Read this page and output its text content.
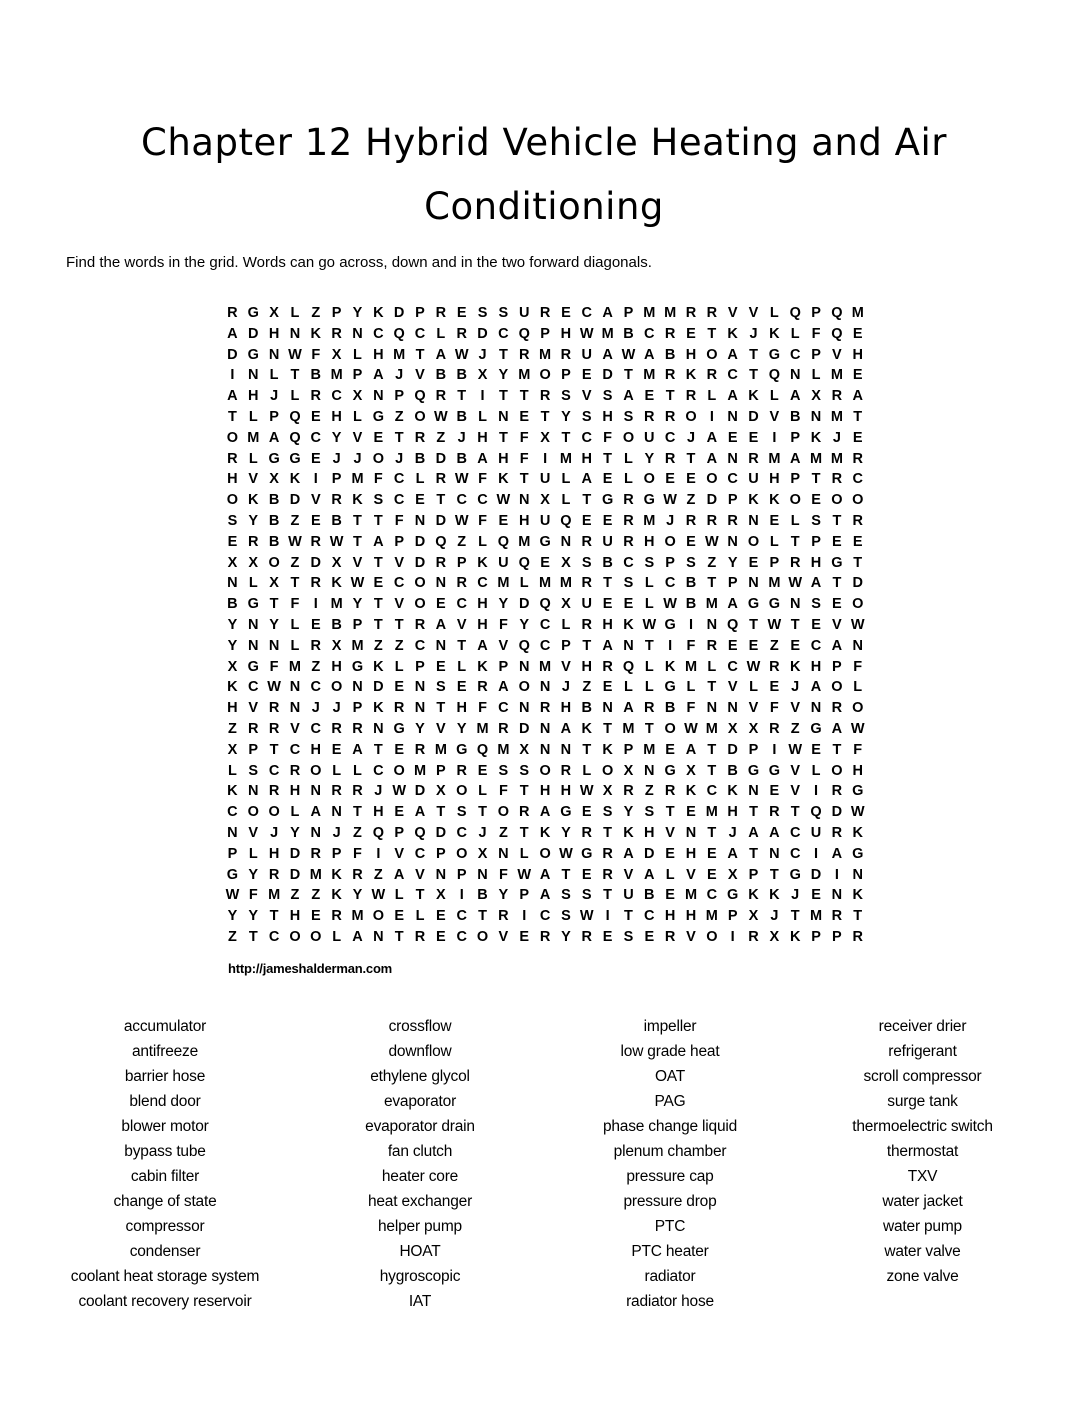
Chapter 12 Hybrid Vehicle Heating and Air Conditioning

Find the words in the grid. Words can go across, down and in the two forward diagonals.

R G X L Z P Y K D P R E S S U R E C A P M M R R V V L Q P Q M
A D H N K R N C Q C L R D C Q P H W M B C R E T K J K L F Q E
D G N W F X L H M T A W J T R M R U A W A B H O A T G C P V H
I N L T B M P A J V B B X Y M O P E D T M R K R C T Q N L M E
A H J L R C X N P Q R T I T T R S V S A E T R L A K L A X R A
T L P Q E H L G Z O W B L N E T Y S H S R R O I N D V B N M T
O M A Q C Y V E T R Z J H T F X T C F O U C J A E E I P K J E
R L G G E J J O J B D B A H F I M H T L Y R T A N R M A M M R
H V X K I P M F C L R W F K T U L A E L O E E O C U H P T R C
O K B D V R K S C E T C C W N X L T G R G W Z D P K K O E O O
S Y B Z E B T T F N D W F E H U Q E E R M J R R R N E L S T R
E R B W R W T A P D Q Z L Q M G N R U R H O E W N O L T P E E
X X O Z D X V T V D R P K U Q E X S B C S P S Z Y E P R H G T
N L X T R K W E C O N R C M L M M R T S L C B T P N M W A T D
B G T F I M Y T V O E C H Y D Q X U E E L W B M A G G N S E O
Y N Y L E B P T T R A V H F Y C L R H K W G I N Q T W T E V W
Y N N L R X M Z Z C N T A V Q C P T A N T I F R E E Z E C A N
X G F M Z H G K L P E L K P N M V H R Q L K M L C W R K H P F
K C W N C O N D E N S E R A O N J Z E L L G L T V L E J A O L
H V R N J J P K R N T H F C N R H B N A R B F N N V F V N R O
Z R R V C R R N G Y V Y M R D N A K T M T O W M X X R Z G A W
X P T C H E A T E R M G Q M X N N T K P M E A T D P I W E T F
L S C R O L L C O M P R E S S O R L O X N G X T B G G V L O H
K N R H N R R J W D X O L F T H H W X R Z R K C K N E V I R G
C O O L A N T H E A T S T O R A G E S Y S T E M H T R T Q D W
N V J Y N J Z Q P Q D C J Z T K Y R T K H V N T J A A C U R K
P L H D R P F I V C P O X N L O W G R A D E H E A T N C I A G
G Y R D M K R Z A V N P N F W A T E R V A L V E X P T G D I N
W F M Z Z K Y W L T X I B Y P A S S T U B E M C G K K J E N K
Y Y T H E R M O E L E C T R I C S W I T C H H M P X J T M R T
Z T C O O L A N T R E C O V E R Y R E S E R V O I R X K P P R
http://jameshalderman.com
accumulator
antifreeze
barrier hose
blend door
blower motor
bypass tube
cabin filter
change of state
compressor
condenser
coolant heat storage system
coolant recovery reservoir
crossflow
downflow
ethylene glycol
evaporator
evaporator drain
fan clutch
heater core
heat exchanger
helper pump
HOAT
hygroscopic
IAT
impeller
low grade heat
OAT
PAG
phase change liquid
plenum chamber
pressure cap
pressure drop
PTC
PTC heater
radiator
radiator hose
receiver drier
refrigerant
scroll compressor
surge tank
thermoelectric switch
thermostat
TXV
water jacket
water pump
water valve
zone valve
